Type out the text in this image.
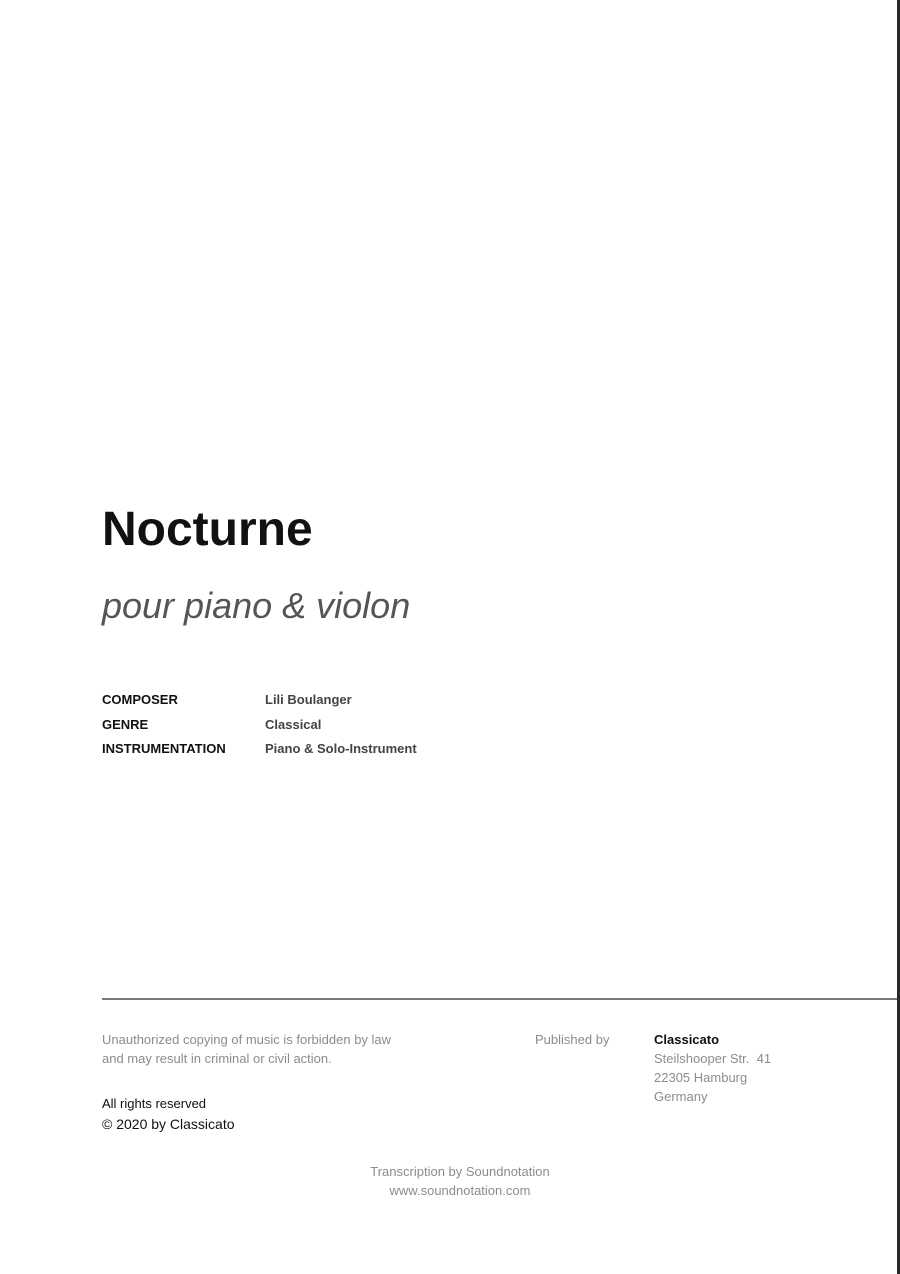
Nocturne
pour piano & violon
COMPOSER	Lili Boulanger
GENRE	Classical
INSTRUMENTATION	Piano & Solo-Instrument
Unauthorized copying of music is forbidden by law
and may result in criminal or civil action.
All rights reserved
© 2020 by Classicato
Published by	Classicato
Steilshooper Str.  41
22305 Hamburg
Germany
Transcription by Soundnotation
www.soundnotation.com
